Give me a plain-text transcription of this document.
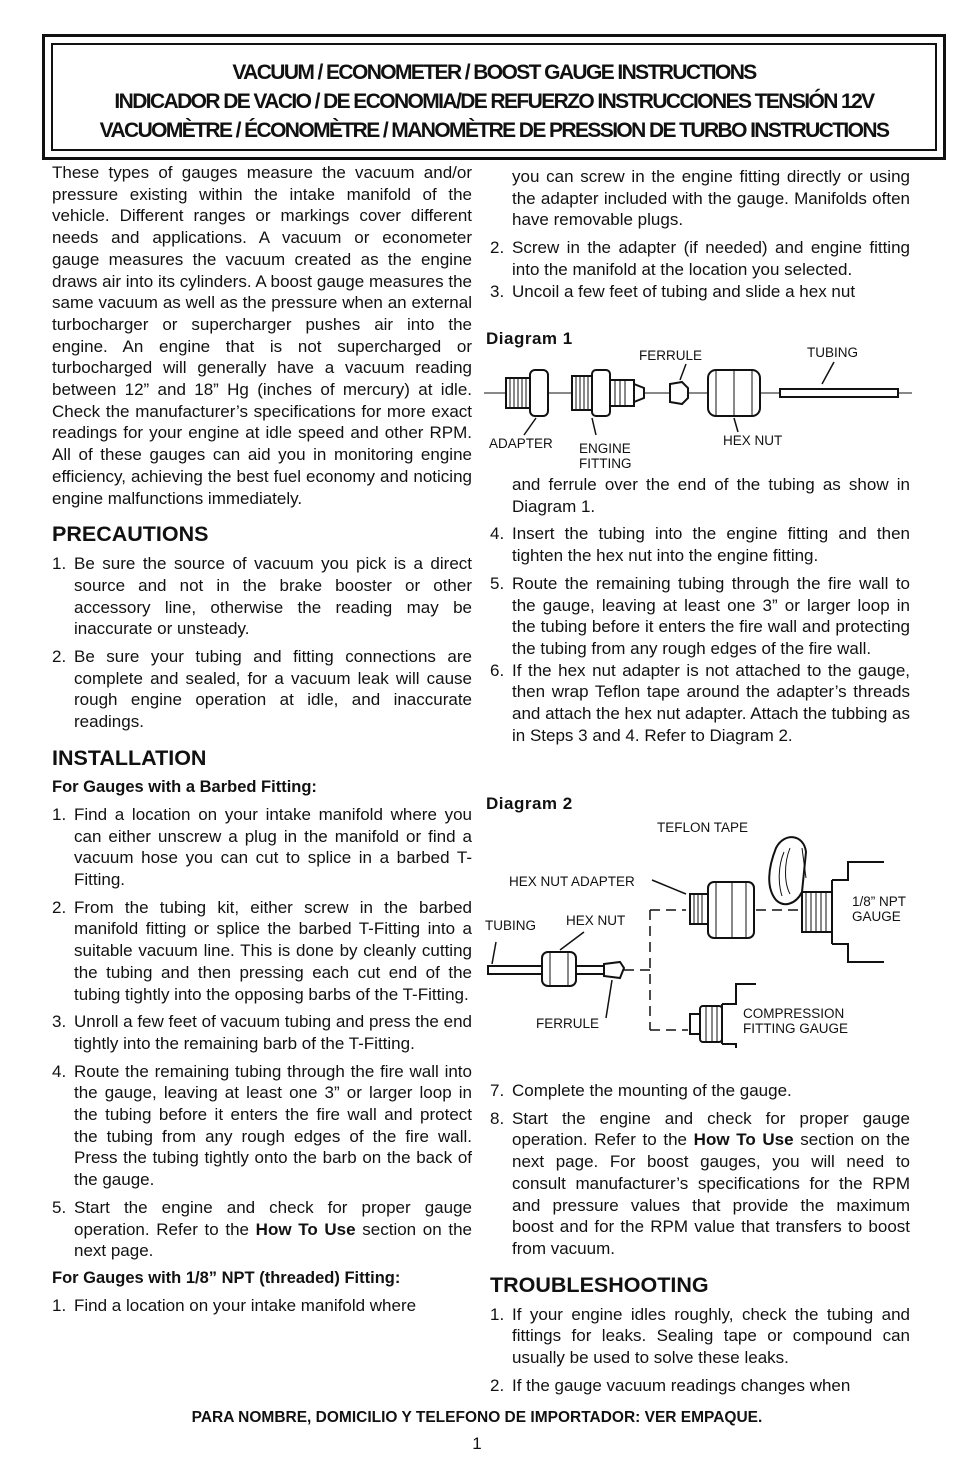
VACUUM / ECONOMETER / BOOST GAUGE INSTRUCTIONS
INDICADOR DE VACIO / DE ECONOMIA/DE REFUERZO INSTRUCCIONES TENSIÓN 12V
VACUOMÈTRE / ÉCONOMÈTRE / MANOMÈTRE DE PRESSION DE TURBO INSTRUCTIONS

These types of gauges measure the vacuum and/or pressure existing within the intake manifold of the vehicle. Different ranges or markings cover different needs and applications. A vacuum or econometer gauge measures the vacuum created as the engine draws air into its cylinders. A boost gauge measures the same vacuum as well as the pressure when an external turbocharger or supercharger pushes air into the engine. An engine that is not supercharged or turbocharged will generally have a vacuum reading between 12” and 18” Hg (inches of mercury) at idle. Check the manufacturer’s specifications for more exact readings for your engine at idle speed and other RPM. All of these gauges can aid you in monitoring engine efficiency, achieving the best fuel economy and noticing engine malfunctions immediately.

PRECAUTIONS
1. Be sure the source of vacuum you pick is a direct source and not in the brake booster or other accessory line, otherwise the reading may be inaccurate or unsteady.
2. Be sure your tubing and fitting connections are complete and sealed, for a vacuum leak will cause rough engine operation at idle, and inaccurate readings.
INSTALLATION
For Gauges with a Barbed Fitting:
1. Find a location on your intake manifold where you can either unscrew a plug in the manifold or find a vacuum hose you can cut to splice in a barbed T-Fitting.
2. From the tubing kit, either screw in the barbed manifold fitting or splice the barbed T-Fitting into a suitable vacuum line. This is done by cleanly cutting the tubing and then pressing each cut end of the tubing tightly into the opposing barbs of the T-Fitting.
3. Unroll a few feet of vacuum tubing and press the end tightly into the remaining barb of the T-Fitting.
4. Route the remaining tubing through the fire wall into the gauge, leaving at least one 3” or larger loop in the tubing before it enters the fire wall and protect the tubing from any rough edges of the fire wall. Press the tubing tightly onto the barb on the back of the gauge.
5. Start the engine and check for proper gauge operation. Refer to the How To Use section on the next page.
For Gauges with 1/8” NPT (threaded) Fitting:
1. Find a location on your intake manifold where

you can screw in the engine fitting directly or using the adapter included with the gauge. Manifolds often have removable plugs.

2. Screw in the adapter (if needed) and engine fitting into the manifold at the location you selected.
3. Uncoil a few feet of tubing and slide a hex nut
Diagram 1
FERRULE	TUBING
ADAPTER ENGINE FITTING
HEX NUT

and ferrule over the end of the tubing as show in Diagram 1.

4. Insert the tubing into the engine fitting and then tighten the hex nut into the engine fitting.
5. Route the remaining tubing through the fire wall to the gauge, leaving at least one 3” or larger loop in the tubing before it enters the fire wall and protecting the tubing from any rough edges of the fire wall.
6. If the hex nut adapter is not attached to the gauge, then wrap Teflon tape around the adapter’s threads and attach the hex nut adapter. Attach the tubbing as in Steps 3 and 4. Refer to Diagram 2.
Diagram 2
TEFLON TAPE
HEX NUT ADAPTER
1/8” NPT GAUGE
TUBING HEX NUT
FERRULE
COMPRESSION FITTING GAUGE
7. Complete the mounting of the gauge.
8. Start the engine and check for proper gauge operation. Refer to the How To Use section on the next page. For boost gauges, you will need to consult manufacturer’s specifications for the RPM and pressure values that provide the maximum boost and for the RPM value that transfers to boost from vacuum.
TROUBLESHOOTING
1. If your engine idles roughly, check the tubing and fittings for leaks. Sealing tape or compound can usually be used to solve these leaks.
2. If the gauge vacuum readings changes when
PARA NOMBRE, DOMICILIO Y TELEFONO DE IMPORTADOR: VER EMPAQUE.
1
